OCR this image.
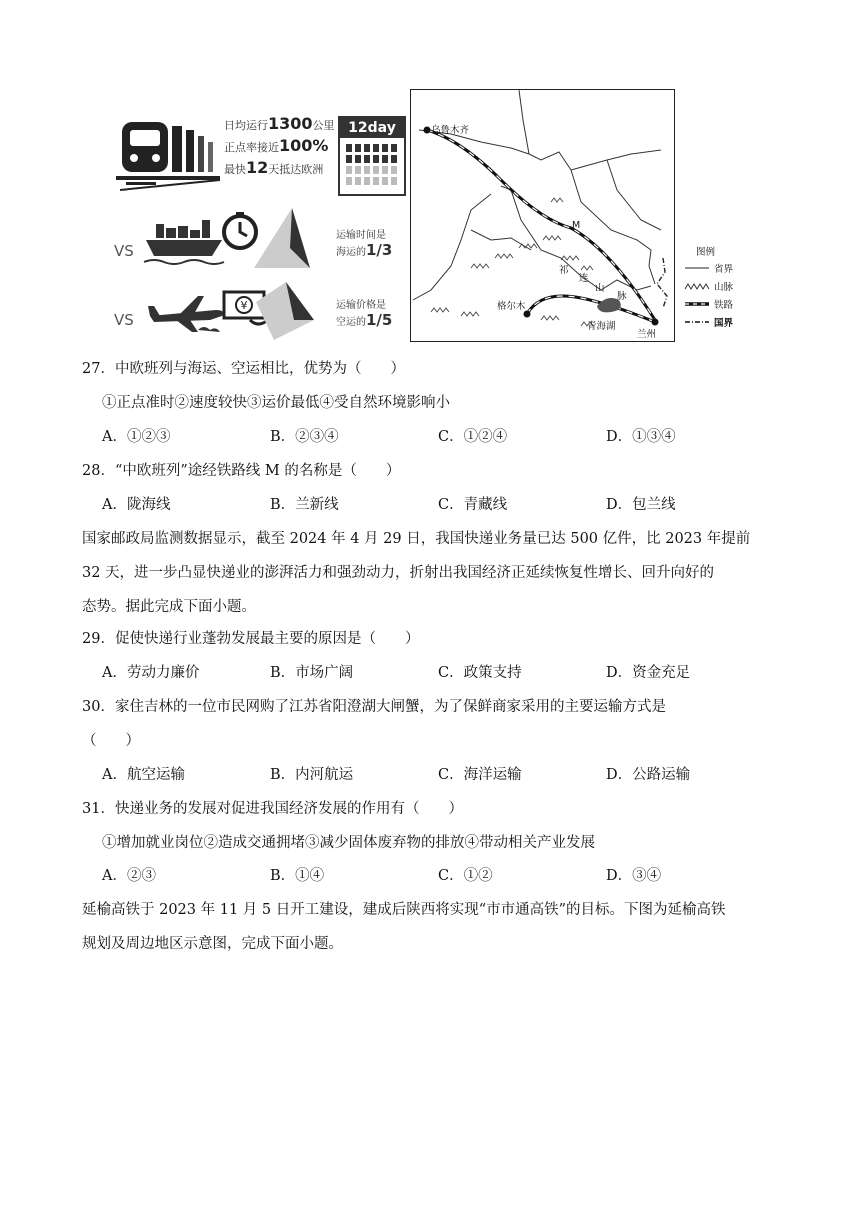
日均运行1300公里
正点率接近100%
最快12天抵达欧洲
12day
VS
运输时间是
海运的1/3
VS
¥	运输价格是
空运的1/5
乌鲁木齐
M
祁
连
山
脉
格尔木
青海湖
兰州
图例
省界
山脉
铁路
国界
27．中欧班列与海运、空运相比，优势为（　　）
①正点准时②速度较快③运价最低④受自然环境影响小
A．①②③	B．②③④	C．①②④	D．①③④
28．“中欧班列”途经铁路线 M 的名称是（　　）
A．陇海线	B．兰新线	C．青藏线	D．包兰线
国家邮政局监测数据显示，截至 2024 年 4 月 29 日，我国快递业务量已达 500 亿件，比 2023 年提前
32 天，进一步凸显快递业的澎湃活力和强劲动力，折射出我国经济正延续恢复性增长、回升向好的
态势。据此完成下面小题。
29．促使快递行业蓬勃发展最主要的原因是（　　）
A．劳动力廉价	B．市场广阔	C．政策支持	D．资金充足
30．家住吉林的一位市民网购了江苏省阳澄湖大闸蟹，为了保鲜商家采用的主要运输方式是
（　　）
A．航空运输	B．内河航运	C．海洋运输	D．公路运输
31．快递业务的发展对促进我国经济发展的作用有（　　）
①增加就业岗位②造成交通拥堵③减少固体废弃物的排放④带动相关产业发展
A．②③	B．①④	C．①②	D．③④
延榆高铁于 2023 年 11 月 5 日开工建设，建成后陕西将实现“市市通高铁”的目标。下图为延榆高铁
规划及周边地区示意图，完成下面小题。
